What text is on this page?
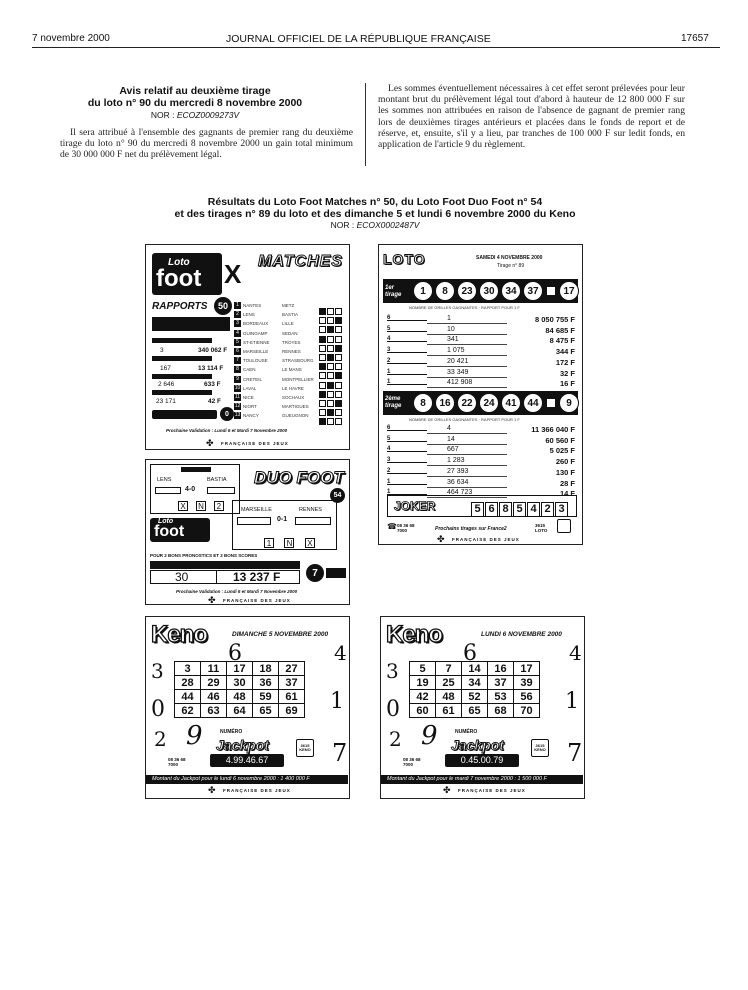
7 novembre 2000	JOURNAL OFFICIEL DE LA RÉPUBLIQUE FRANÇAISE	17657
Avis relatif au deuxième tirage
du loto n° 90 du mercredi 8 novembre 2000
NOR : ECOZ0009273V
Il sera attribué à l'ensemble des gagnants de premier rang du deuxième tirage du loto n° 90 du mercredi 8 novembre 2000 un gain total minimum de 30 000 000 F net du prélèvement légal.
Les sommes éventuellement nécessaires à cet effet seront prélevées pour leur montant brut du prélèvement légal tout d'abord à hauteur de 12 800 000 F sur les sommes non attribuées en raison de l'absence de gagnant de premier rang lors de deuxièmes tirages antérieurs et placées dans le fonds de report et de réserve, et, ensuite, s'il y a lieu, par tranches de 100 000 F sur ledit fonds, en application de l'article 9 du règlement.
Résultats du Loto Foot Matches n° 50, du Loto Foot Duo Foot n° 54
et des tirages n° 89 du loto et des dimanche 5 et lundi 6 novembre 2000 du Keno
NOR : ECOX0002487V
Loto
foot X MATCHES
RAPPORTS	50
3	340 062 F
167	13 114 F
2 646	633 F
23 171	42 F
0
Prochaine Validation : Lundi 6 et Mardi 7 Novembre 2000
✤ FRANÇAISE DES JEUX
1 NANTES	METZ
2 LENS	BASTIA
3 BORDEAUX	LILLE
4 GUINGAMP	SEDAN
5 ST-ETIENNE	TROYES
6 MARSEILLE	RENNES
7 TOULOUSE	STRASBOURG
8 CAEN	LE MANS
9 CRETEIL	MONTPELLIER
10 LAVAL	LE HAVRE
11 NICE	SOCHAUX
12 NIORT	MARTIGUES
13 NANCY	GUEUGNON
LENS	BASTIA
4-0
X N 2
DUO FOOT
54
MARSEILLE	RENNES
0-1
1 N X
Loto
foot
POUR 2 BONS PRONOSTICS ET 2 BONS SCORES
30	13 237 F	7
Prochaine Validation : Lundi 6 et Mardi 7 Novembre 2000
✤ FRANÇAISE DES JEUX
LOTO	SAMEDI 4 NOVEMBRE 2000
Tirage n° 89
1er tirage
NOMBRE DE GRILLES GAGNANTES · RAPPORT POUR 1 F
2ème tirage
NOMBRE DE GRILLES GAGNANTES · RAPPORT POUR 1 F
JOKER	5 6 8 5 4 2 3
☎ 08 36 68 7000	Prochains tirages sur France2
3615 LOTO
✤ FRANÇAISE DES JEUX
1	8	23	30	34	37	17
8	16	22	24	41	44	9
6	1	8 050 755 F
5	10	84 685 F
4	341	8 475 F
3	1 075	344 F
2	20 421	172 F
1	33 349	32 F
1	412 908	16 F
6	4	11 366 040 F
5	14	60 560 F
4	667	5 025 F
3	1 283	260 F
2	27 393	130 F
1	36 634	28 F
1	464 723	14 F
Keno	DIMANCHE 5 NOVEMBRE 2000
3
6	4
0	1
2 9
7
3	11	17	18	27
28	29	30	36	37
44	46	48	59	61
62	63	64	65	69
NUMÉRO
Jackpot
4.99.46.67
08 36 68 7000
3615 KENO
Montant du Jackpot pour le lundi 6 novembre 2000 : 1 400 000 F
✤ FRANÇAISE DES JEUX
Keno	LUNDI 6 NOVEMBRE 2000
3
6	4
0	1
2 9
7
5	7	14	16	17
19	25	34	37	39
42	48	52	53	56
60	61	65	68	70
NUMÉRO
Jackpot
0.45.00.79
08 36 68 7000
3615 KENO
Montant du Jackpot pour le mardi 7 novembre 2000 : 1 500 000 F
✤ FRANÇAISE DES JEUX
